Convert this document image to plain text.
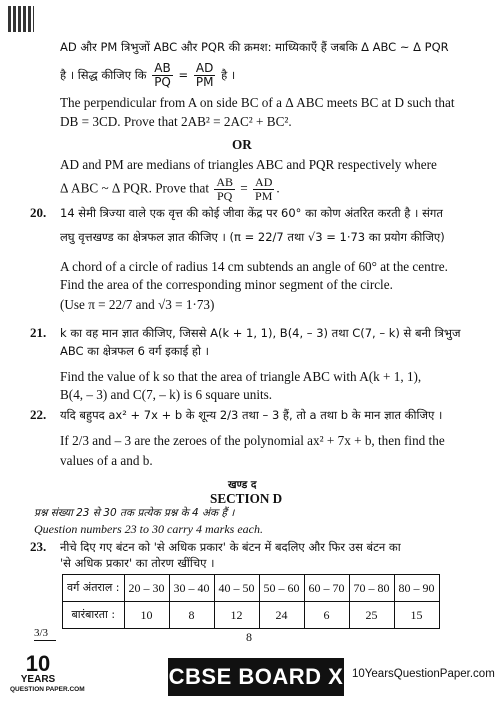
AD और PM त्रिभुजों ABC और PQR की क्रमश: माध्यिकाएँ हैं जबकि Δ ABC ~ Δ PQR
है । सिद्ध कीजिए कि $\frac{AB}{PQ} = \frac{AD}{PM}$ है ।
The perpendicular from A on side BC of a Δ ABC meets BC at D such that
DB = 3CD. Prove that 2AB² = 2AC² + BC².
OR
AD and PM are medians of triangles ABC and PQR respectively where
Δ ABC ~ Δ PQR. Prove that $\frac{AB}{PQ} = \frac{AD}{PM}$ .
20. 14 सेमी त्रिज्या वाले एक वृत्त की कोई जीवा केंद्र पर 60° का कोण अंतरित करती है । संगत
लघु वृत्तखण्ड का क्षेत्रफल ज्ञात कीजिए । (π = 22/7 तथा √3 = 1·73 का प्रयोग कीजिए)
A chord of a circle of radius 14 cm subtends an angle of 60° at the centre.
Find the area of the corresponding minor segment of the circle.
(Use π = 22/7 and √3 = 1·73)
21. k का वह मान ज्ञात कीजिए, जिससे A(k + 1, 1), B(4, – 3) तथा C(7, – k) से बनी त्रिभुज
ABC का क्षेत्रफल 6 वर्ग इकाई हो ।
Find the value of k so that the area of triangle ABC with A(k + 1, 1),
B(4, – 3) and C(7, – k) is 6 square units.
22. यदि बहुपद ax² + 7x + b के शून्य 2/3 तथा – 3 हैं, तो a तथा b के मान ज्ञात कीजिए ।
If 2/3 and – 3 are the zeroes of the polynomial ax² + 7x + b, then find the
values of a and b.
खण्ड द
SECTION D
प्रश्न संख्या 23 से 30 तक प्रत्येक प्रश्न के 4 अंक हैं ।
Question numbers 23 to 30 carry 4 marks each.
23. नीचे दिए गए बंटन को 'से अधिक प्रकार' के बंटन में बदलिए और फिर उस बंटन का
'से अधिक प्रकार' का तोरण खींचिए ।
वर्ग अंतराल :	20 – 30	30 – 40	40 – 50	50 – 60	60 – 70	70 – 80	80 – 90
बारंबारता :	10	8	12	24	6	25	15
3/3	8
10
YEARS
QUESTION PAPER.COM
CBSE BOARD X 10YearsQuestionPaper.com
